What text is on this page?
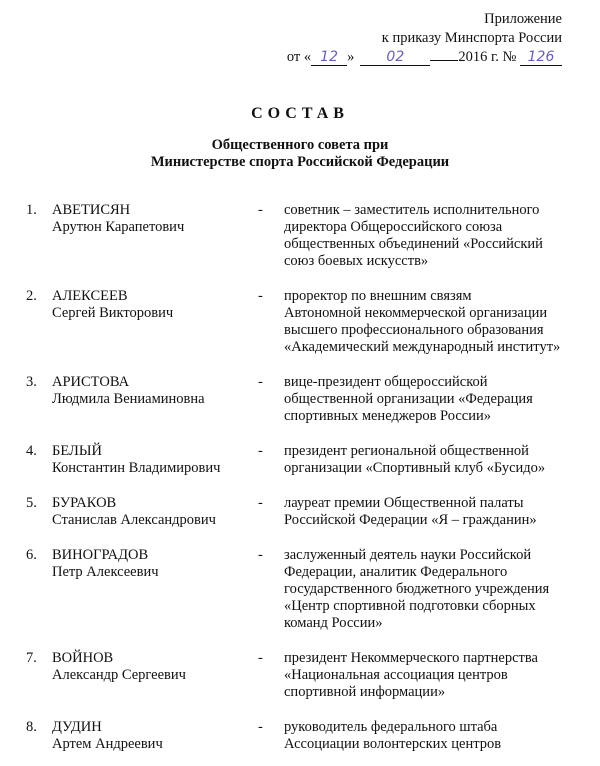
Приложение
к приказу Минспорта России
от « 12 » 02	2016 г. № 126
СОСТАВ
Общественного совета при
Министерстве спорта Российской Федерации
1. АВЕТИСЯН
Арутюн Карапетович
- советник – заместитель исполнительного
директора Общероссийского союза
общественных объединений «Российский
союз боевых искусств»
2. АЛЕКСЕЕВ
Сергей Викторович
- проректор по внешним связям
Автономной некоммерческой организации
высшего профессионального образования
«Академический международный институт»
3. АРИСТОВА
Людмила Вениаминовна
- вице-президент общероссийской
общественной организации «Федерация
спортивных менеджеров России»
4. БЕЛЫЙ
Константин Владимирович
- президент региональной общественной
организации «Спортивный клуб «Бусидо»
5. БУРАКОВ
Станислав Александрович
- лауреат премии Общественной палаты
Российской Федерации «Я – гражданин»
6. ВИНОГРАДОВ
Петр Алексеевич
- заслуженный деятель науки Российской
Федерации, аналитик Федерального
государственного бюджетного учреждения
«Центр спортивной подготовки сборных
команд России»
7. ВОЙНОВ
Александр Сергеевич
- президент Некоммерческого партнерства
«Национальная ассоциация центров
спортивной информации»
8. ДУДИН
Артем Андреевич
- руководитель федерального штаба
Ассоциации волонтерских центров
